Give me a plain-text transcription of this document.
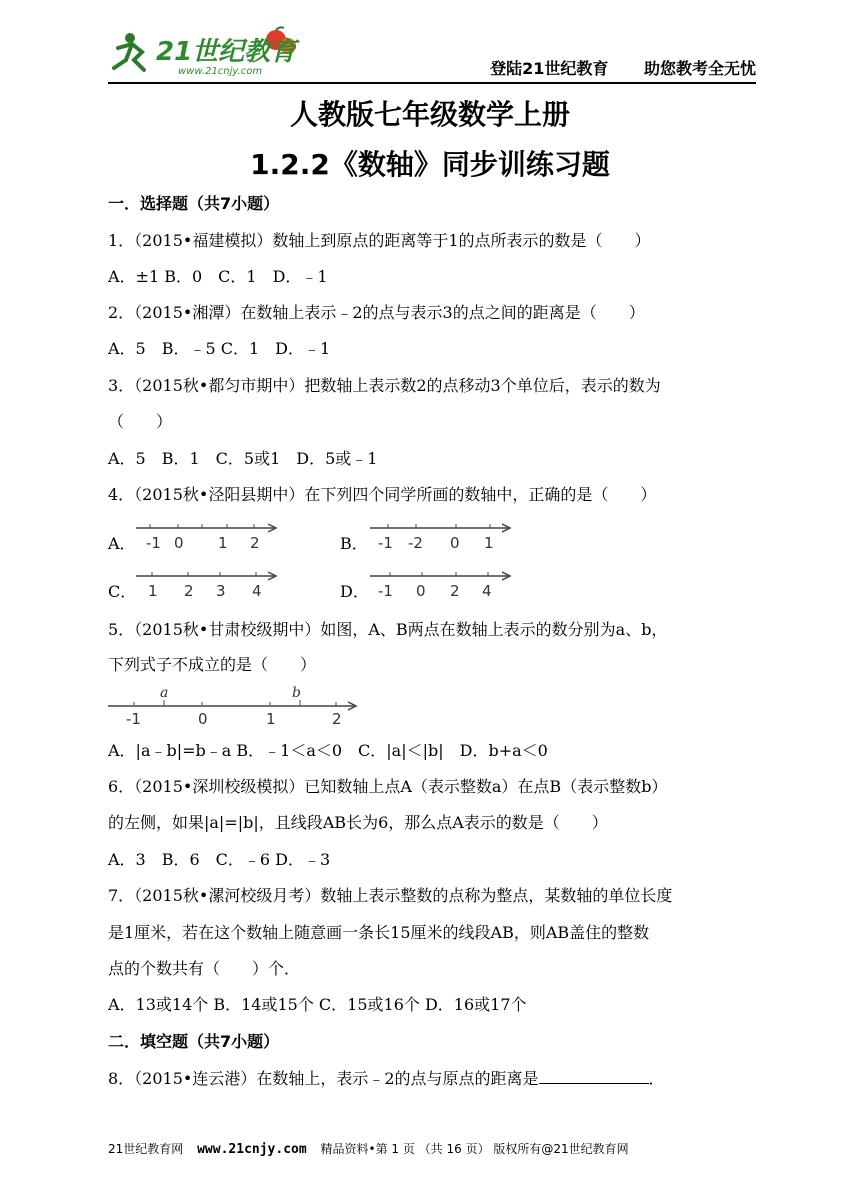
21世纪教育
www.21cnjy.com	登陆21世纪教育 助您教考全无忧
人教版七年级数学上册
1.2.2《数轴》同步训练习题
一．选择题（共7小题）
1．（2015•福建模拟）数轴上到原点的距离等于1的点所表示的数是（　　）
A．±1 B．0　C．1　D．﹣1
2．（2015•湘潭）在数轴上表示﹣2的点与表示3的点之间的距离是（　　）
A．5　B．﹣5 C．1　D．﹣1
3．（2015秋•都匀市期中）把数轴上表示数2的点移动3个单位后，表示的数为
（　　）
A．5　B．1　C．5或1　D．5或﹣1
4．（2015秋•泾阳县期中）在下列四个同学所画的数轴中，正确的是（　　）
A．	B．
C．	D．
-1 0 1 2	-1 -2 0 1
1 2 3 4	-1 0 2 4
5．（2015秋•甘肃校级期中）如图，A、B两点在数轴上表示的数分别为a、b，
下列式子不成立的是（　　）
a	b
-1	0	1	2
A．|a﹣b|=b﹣a B．﹣1＜a＜0　C．|a|＜|b|　D．b+a＜0
6．（2015•深圳校级模拟）已知数轴上点A（表示整数a）在点B（表示整数b）
的左侧，如果|a|=|b|，且线段AB长为6，那么点A表示的数是（　　）
A．3　B．6　C．﹣6 D．﹣3
7．（2015秋•漯河校级月考）数轴上表示整数的点称为整点，某数轴的单位长度
是1厘米，若在这个数轴上随意画一条长15厘米的线段AB，则AB盖住的整数
点的个数共有（　　）个．
A．13或14个 B．14或15个 C．15或16个 D．16或17个
二．填空题（共7小题）
8．（2015•连云港）在数轴上，表示﹣2的点与原点的距离是	．
21世纪教育网 www.21cnjy.com 精品资料•第 1 页 （共 16 页） 版权所有@21世纪教育网
